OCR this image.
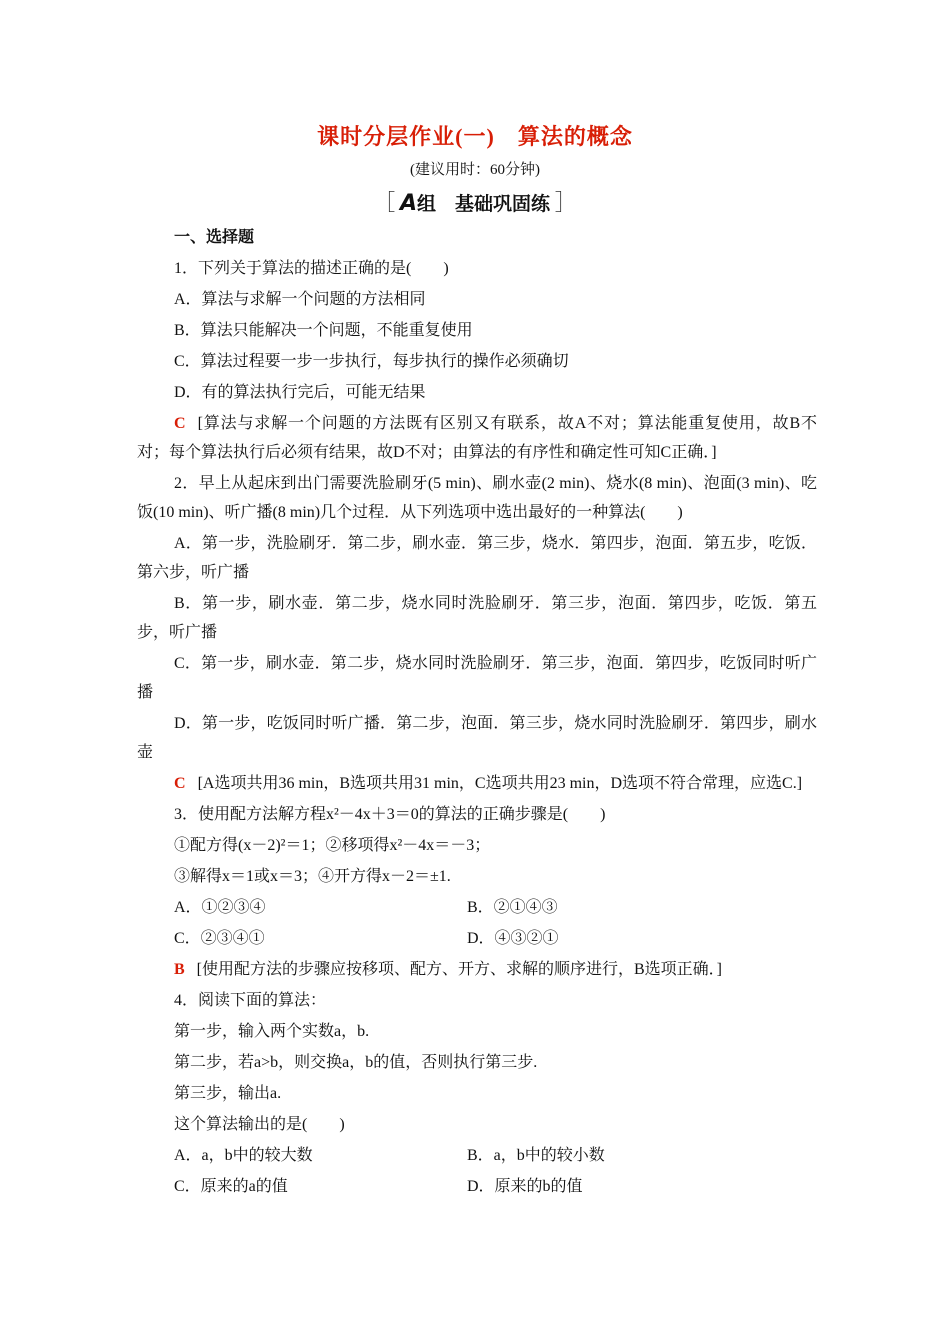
课时分层作业(一)　算法的概念
(建议用时：60分钟)
［ A组　基础巩固练 ］
一、选择题
1．下列关于算法的描述正确的是(　　)
A．算法与求解一个问题的方法相同
B．算法只能解决一个问题，不能重复使用
C．算法过程要一步一步执行，每步执行的操作必须确切
D．有的算法执行完后，可能无结果
C [算法与求解一个问题的方法既有区别又有联系，故A不对；算法能重复使用，故B不对；每个算法执行后必须有结果，故D不对；由算法的有序性和确定性可知C正确．]
2．早上从起床到出门需要洗脸刷牙(5 min)、刷水壶(2 min)、烧水(8 min)、泡面(3 min)、吃饭(10 min)、听广播(8 min)几个过程．从下列选项中选出最好的一种算法(　　)
A．第一步，洗脸刷牙．第二步，刷水壶．第三步，烧水．第四步，泡面．第五步，吃饭．第六步，听广播
B．第一步，刷水壶．第二步，烧水同时洗脸刷牙．第三步，泡面．第四步，吃饭．第五步，听广播
C．第一步，刷水壶．第二步，烧水同时洗脸刷牙．第三步，泡面．第四步，吃饭同时听广播
D．第一步，吃饭同时听广播．第二步，泡面．第三步，烧水同时洗脸刷牙．第四步，刷水壶
C [A选项共用36 min，B选项共用31 min，C选项共用23 min，D选项不符合常理，应选C.]
3．使用配方法解方程x²－4x＋3＝0的算法的正确步骤是(　　)
①配方得(x－2)²＝1；②移项得x²－4x＝－3；
③解得x＝1或x＝3；④开方得x－2＝±1.
A．①②③④	B．②①④③
C．②③④①	D．④③②①
B [使用配方法的步骤应按移项、配方、开方、求解的顺序进行，B选项正确．]
4．阅读下面的算法：
第一步，输入两个实数a，b.
第二步，若a>b，则交换a，b的值，否则执行第三步.
第三步，输出a.
这个算法输出的是(　　)
A．a，b中的较大数	B．a，b中的较小数
C．原来的a的值	D．原来的b的值
